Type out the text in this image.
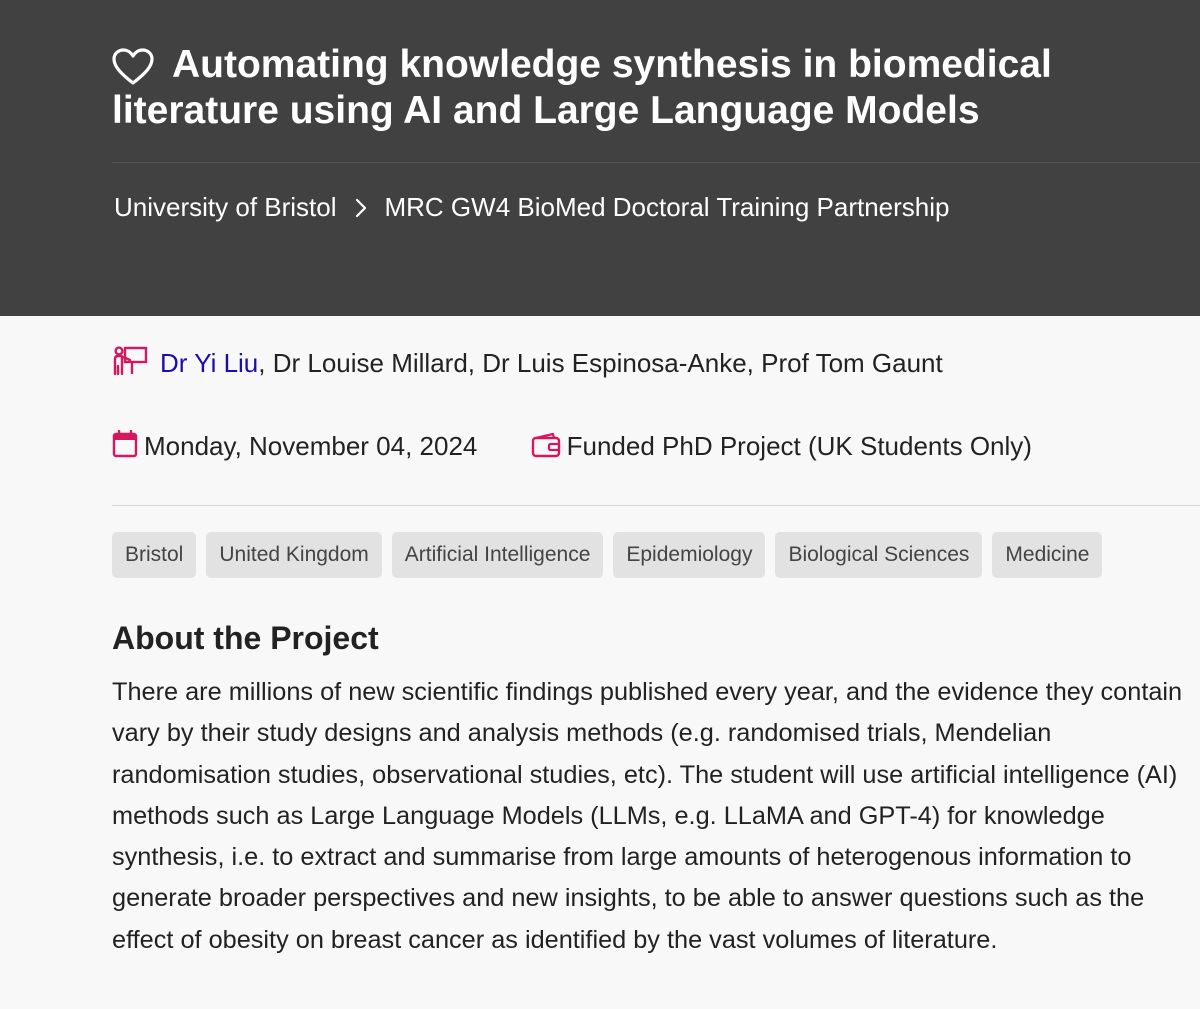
Automating knowledge synthesis in biomedical literature using AI and Large Language Models
University of Bristol MRC GW4 BioMed Doctoral Training Partnership
Dr Yi Liu, Dr Louise Millard, Dr Luis Espinosa-Anke, Prof Tom Gaunt
Monday, November 04, 2024	Funded PhD Project (UK Students Only)
Bristol United Kingdom Artificial Intelligence Epidemiology Biological Sciences Medicine
About the Project

There are millions of new scientific findings published every year, and the evidence they contain vary by their study designs and analysis methods (e.g. randomised trials, Mendelian randomisation studies, observational studies, etc). The student will use artificial intelligence (AI) methods such as Large Language Models (LLMs, e.g. LLaMA and GPT-4) for knowledge synthesis, i.e. to extract and summarise from large amounts of heterogenous information to generate broader perspectives and new insights, to be able to answer questions such as the effect of obesity on breast cancer as identified by the vast volumes of literature.
